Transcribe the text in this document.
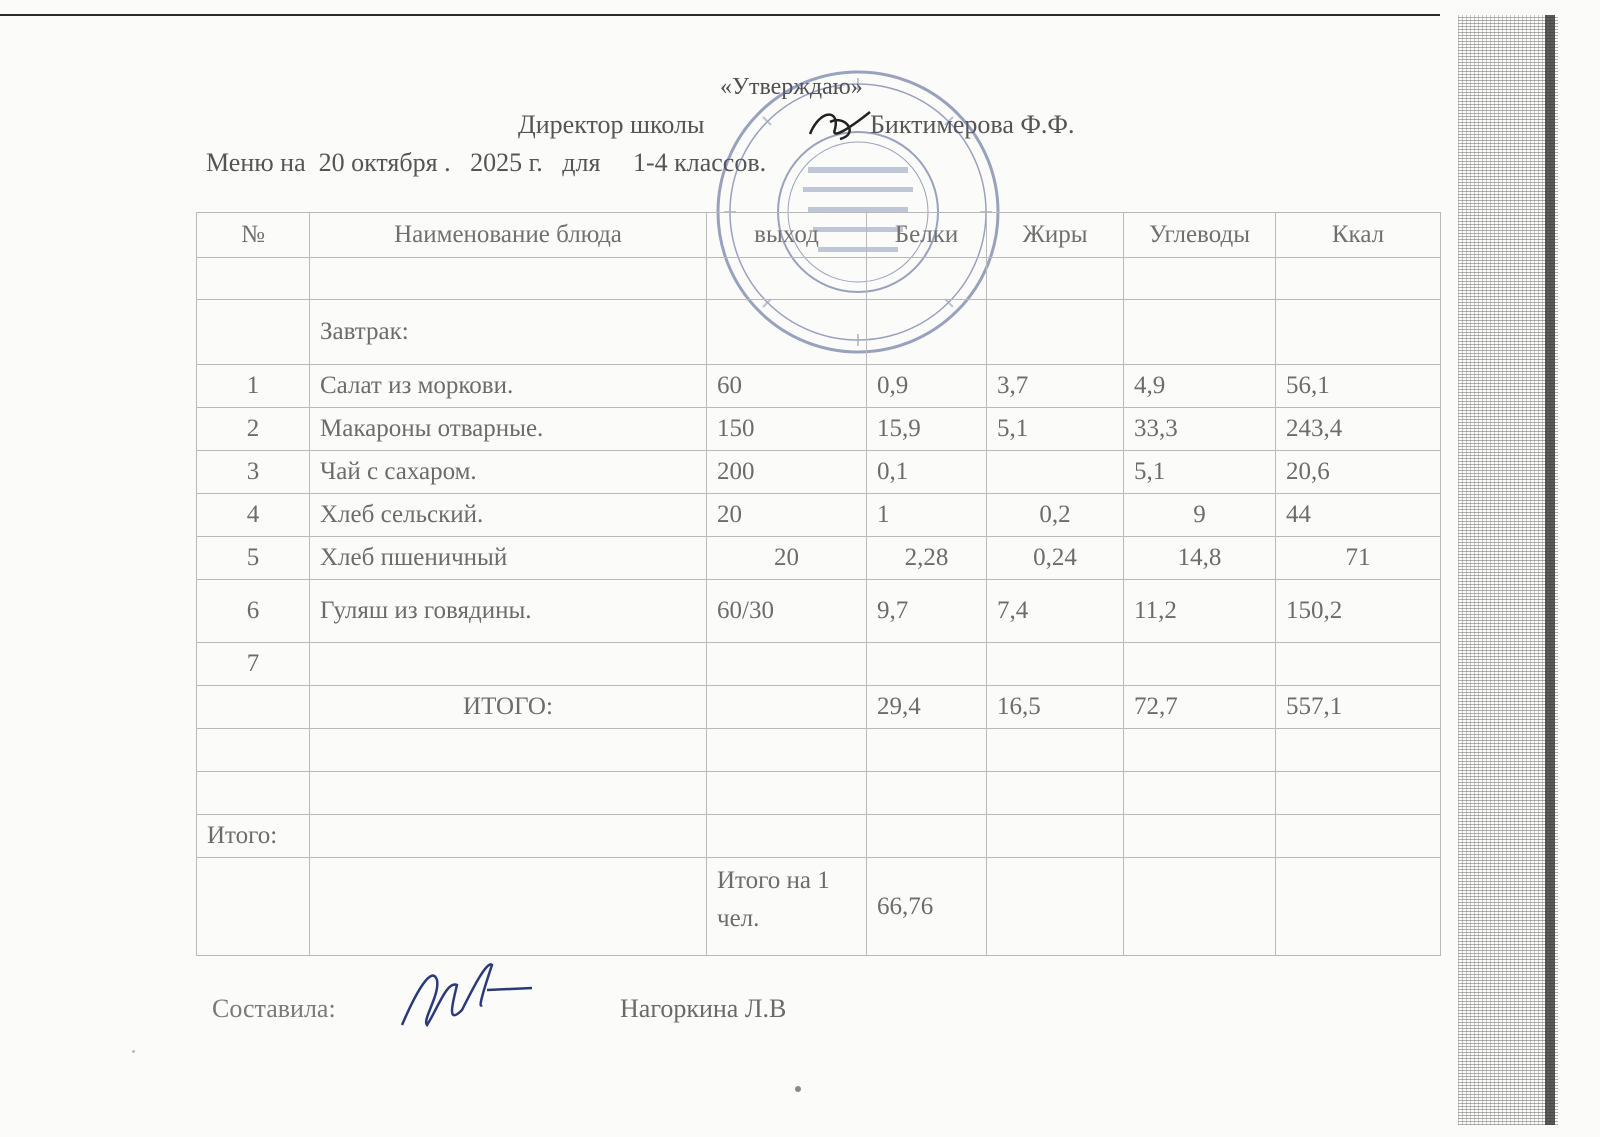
«Утверждаю»
Директор школы	Биктимерова Ф.Ф.
Меню на  20 октября .   2025 г.   для     1-4 классов.
№	Наименование блюда	выход	Белки	Жиры	Углеводы	Ккал

	Завтрак:					
1	Салат из моркови.	60	0,9	3,7	4,9	56,1
2	Макароны отварные.	150	15,9	5,1	33,3	243,4
3	Чай с сахаром.	200	0,1		5,1	20,6
4	Хлеб сельский.	20	1	0,2	9	44
5	Хлеб пшеничный	20	2,28	0,24	14,8	71
6	Гуляш из говядины.	60/30	9,7	7,4	11,2	150,2
7						
	ИТОГО:		29,4	16,5	72,7	557,1

Итого:						
		Итого на 1 чел.	66,76			
Составила:	Нагоркина Л.В
